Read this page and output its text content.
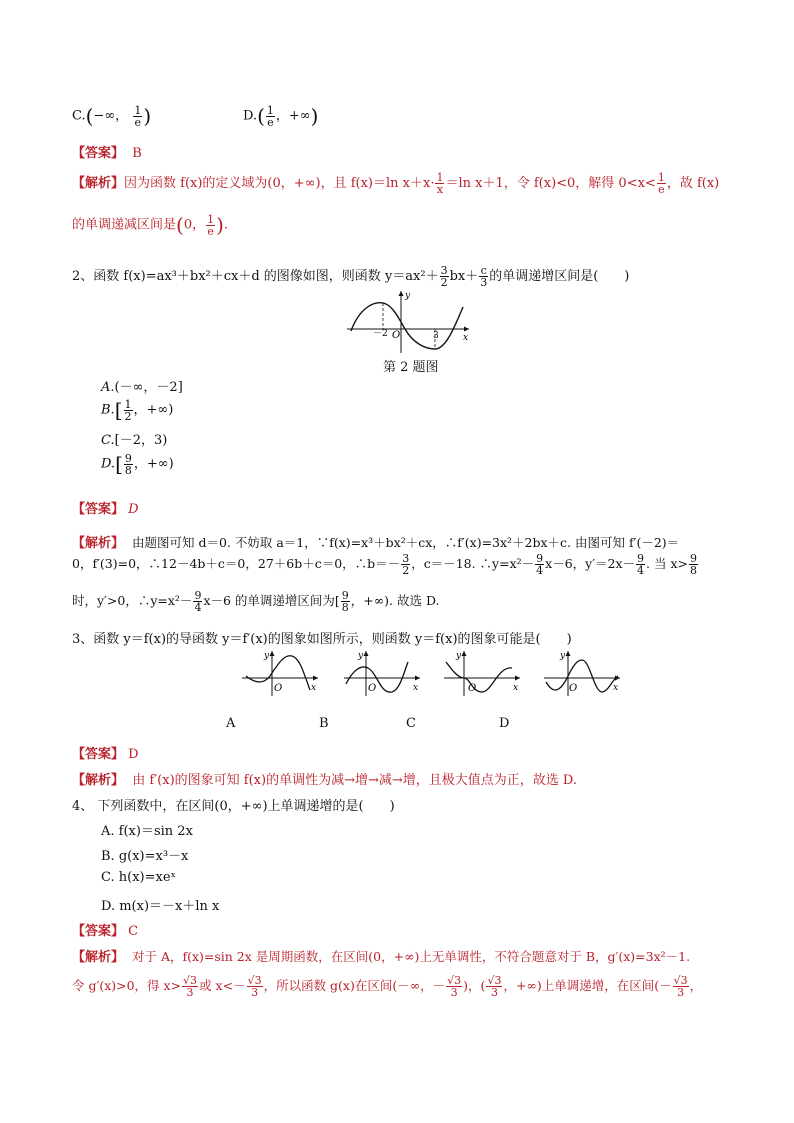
C.(−∞， $\frac{1}{e}$ )	$D.( \frac{1}{e}$ ，+∞)
【答案】 B
【解析】因为函数 f(x)的定义域为(0，+∞)，且 f(x)＝ln $x+x\cdot \frac{1}{x} =\ln$ x＋1，令 f(x)<0，解得 $0<x< \frac{1}{e}$ ，故 f(x)
的单调递减区间是(0， $\frac{1}{e}$ ).
2、函数 f(x)=ax³＋bx²＋cx＋d 的图像如图，则函数 $y=ax^2+ \frac{3}{2} bx+ \frac{c}{3}$ 的单调递增区间是(　　)
－2 O	3
y
x
第 2 题图
A.(－∞，－2]
$B.[ \frac{1}{2}$ ，+∞)
C.[－2，3)
$D.[ \frac{9}{8}$ ，+∞)
【答案】 D
【解析】 由题图可知 d＝0. 不妨取 a＝1，∵f(x)=x³＋bx²＋cx，∴f′(x)=3x²＋2bx＋c. 由图可知 f′(－2)＝
0，f′(3)=0，∴12－4b＋c＝0，27＋6b＋c＝0，∴b＝－ $\frac{3}{2}$ ，c＝－18. ∴y=x²－ $\frac{9}{4} x-6$，$y'=2x- \frac{9}{4}$ . 当 $x> \frac{9}{8}$
时，y′>0，∴y=x²－ $\frac{9}{4} x-6$ 的单调递增区间为[ $\frac{9}{8}$ ，+∞). 故选 D.
3、函数 y＝f(x)的导函数 y＝f′(x)的图象如图所示，则函数 y＝f(x)的图象可能是(　　)
O
y
x	O
y
x	O
y
x	O
y
x
A	B	C	D
【答案】 D
【解析】 由 f′(x)的图象可知 f(x)的单调性为减→增→减→增，且极大值点为正，故选 D.
4、 下列函数中，在区间(0，+∞)上单调递增的是(　　)
A. f(x)＝sin 2x
B. g(x)=x³－x
C. h(x)=xeˣ
D. m(x)＝－x＋ln x
【答案】 C
【解析】 对于 A，f(x)=sin 2x 是周期函数，在区间(0，+∞)上无单调性，不符合题意对于 B，g′(x)=3x²－1.
令 g′(x)>0，得 $x> \frac{√3}{3}$ 或 $x<- \frac{√3}{3}$ ，所以函数 g(x)在区间(－∞，－ $\frac{√3}{3}$ )，( $\frac{√3}{3}$ ，+∞)上单调递增，在区间(－ $\frac{√3}{3}$ ，
